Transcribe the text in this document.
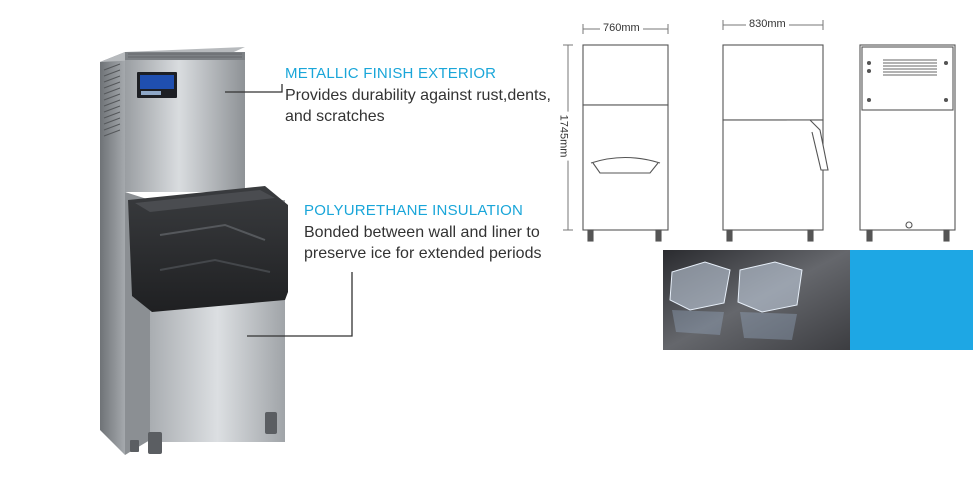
760mm	830mm
1745mm
METALLIC FINISH EXTERIOR
Provides durability against rust,dents,
and scratches
POLYURETHANE INSULATION
Bonded between wall and liner to
preserve ice for extended periods
